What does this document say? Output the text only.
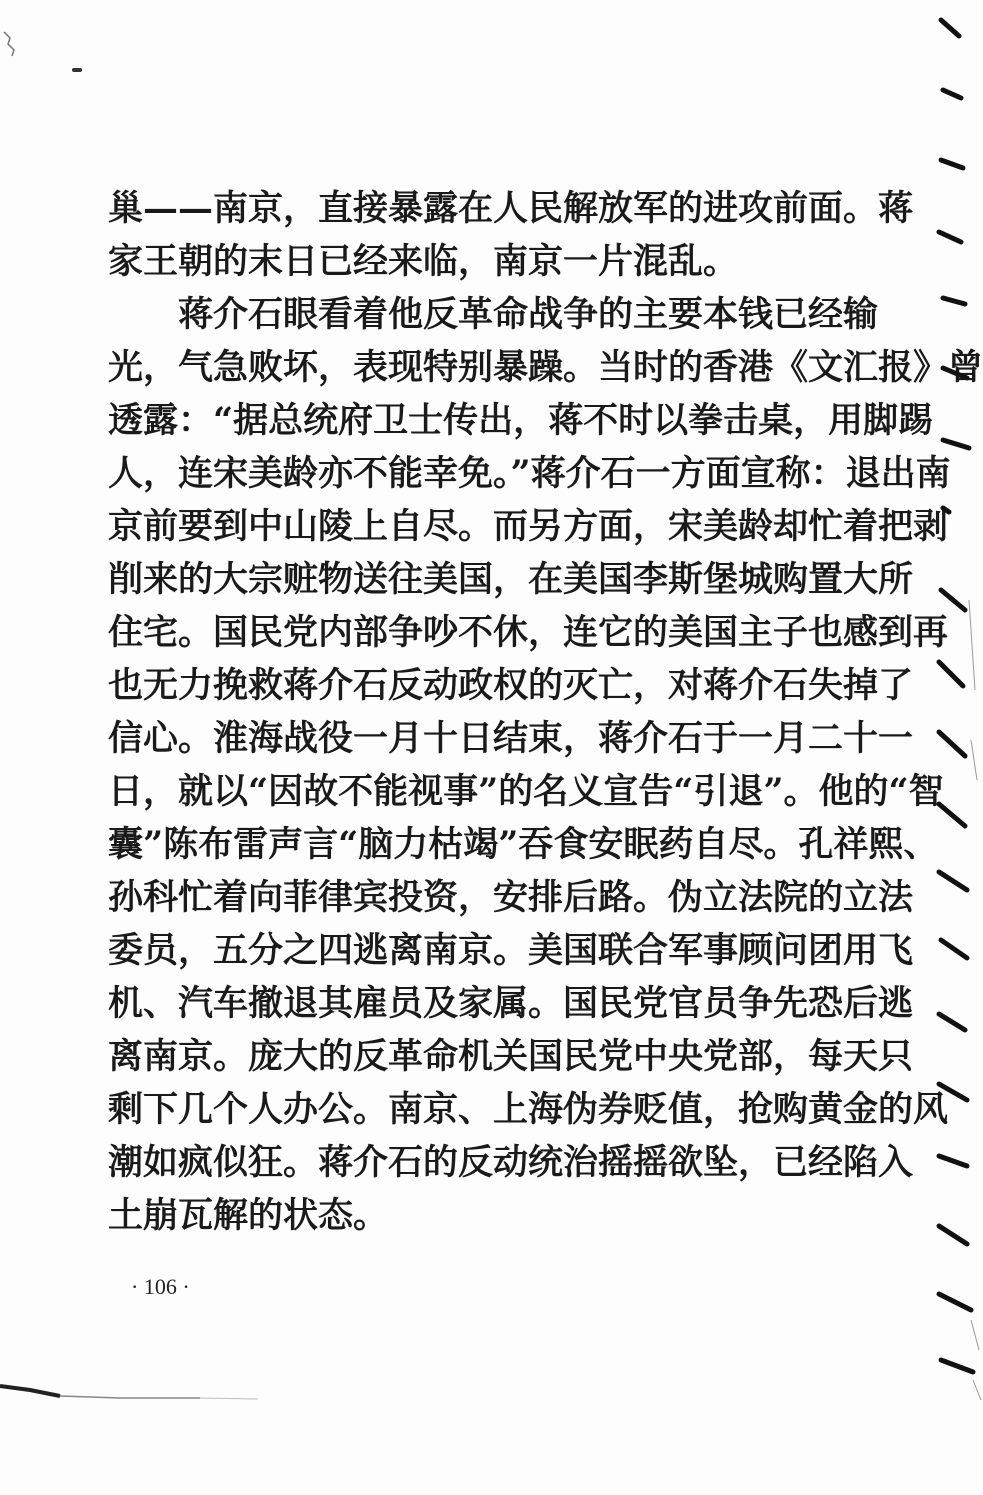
巢——南京，直接暴露在人民解放军的进攻前面。蒋
家王朝的末日已经来临，南京一片混乱。
蒋介石眼看着他反革命战争的主要本钱已经输
光，气急败坏，表现特别暴躁。当时的香港《文汇报》曾
透露：“据总统府卫士传出，蒋不时以拳击桌，用脚踢
人，连宋美龄亦不能幸免。”蒋介石一方面宣称：退出南
京前要到中山陵上自尽。而另方面，宋美龄却忙着把剥
削来的大宗赃物送往美国，在美国李斯堡城购置大所
住宅。国民党内部争吵不休，连它的美国主子也感到再
也无力挽救蒋介石反动政权的灭亡，对蒋介石失掉了
信心。淮海战役一月十日结束，蒋介石于一月二十一
日，就以“因故不能视事”的名义宣告“引退”。他的“智
囊”陈布雷声言“脑力枯竭”吞食安眠药自尽。孔祥熙、
孙科忙着向菲律宾投资，安排后路。伪立法院的立法
委员，五分之四逃离南京。美国联合军事顾问团用飞
机、汽车撤退其雇员及家属。国民党官员争先恐后逃
离南京。庞大的反革命机关国民党中央党部，每天只
剩下几个人办公。南京、上海伪券贬值，抢购黄金的风
潮如疯似狂。蒋介石的反动统治摇摇欲坠，已经陷入
土崩瓦解的状态。
· 106 ·
